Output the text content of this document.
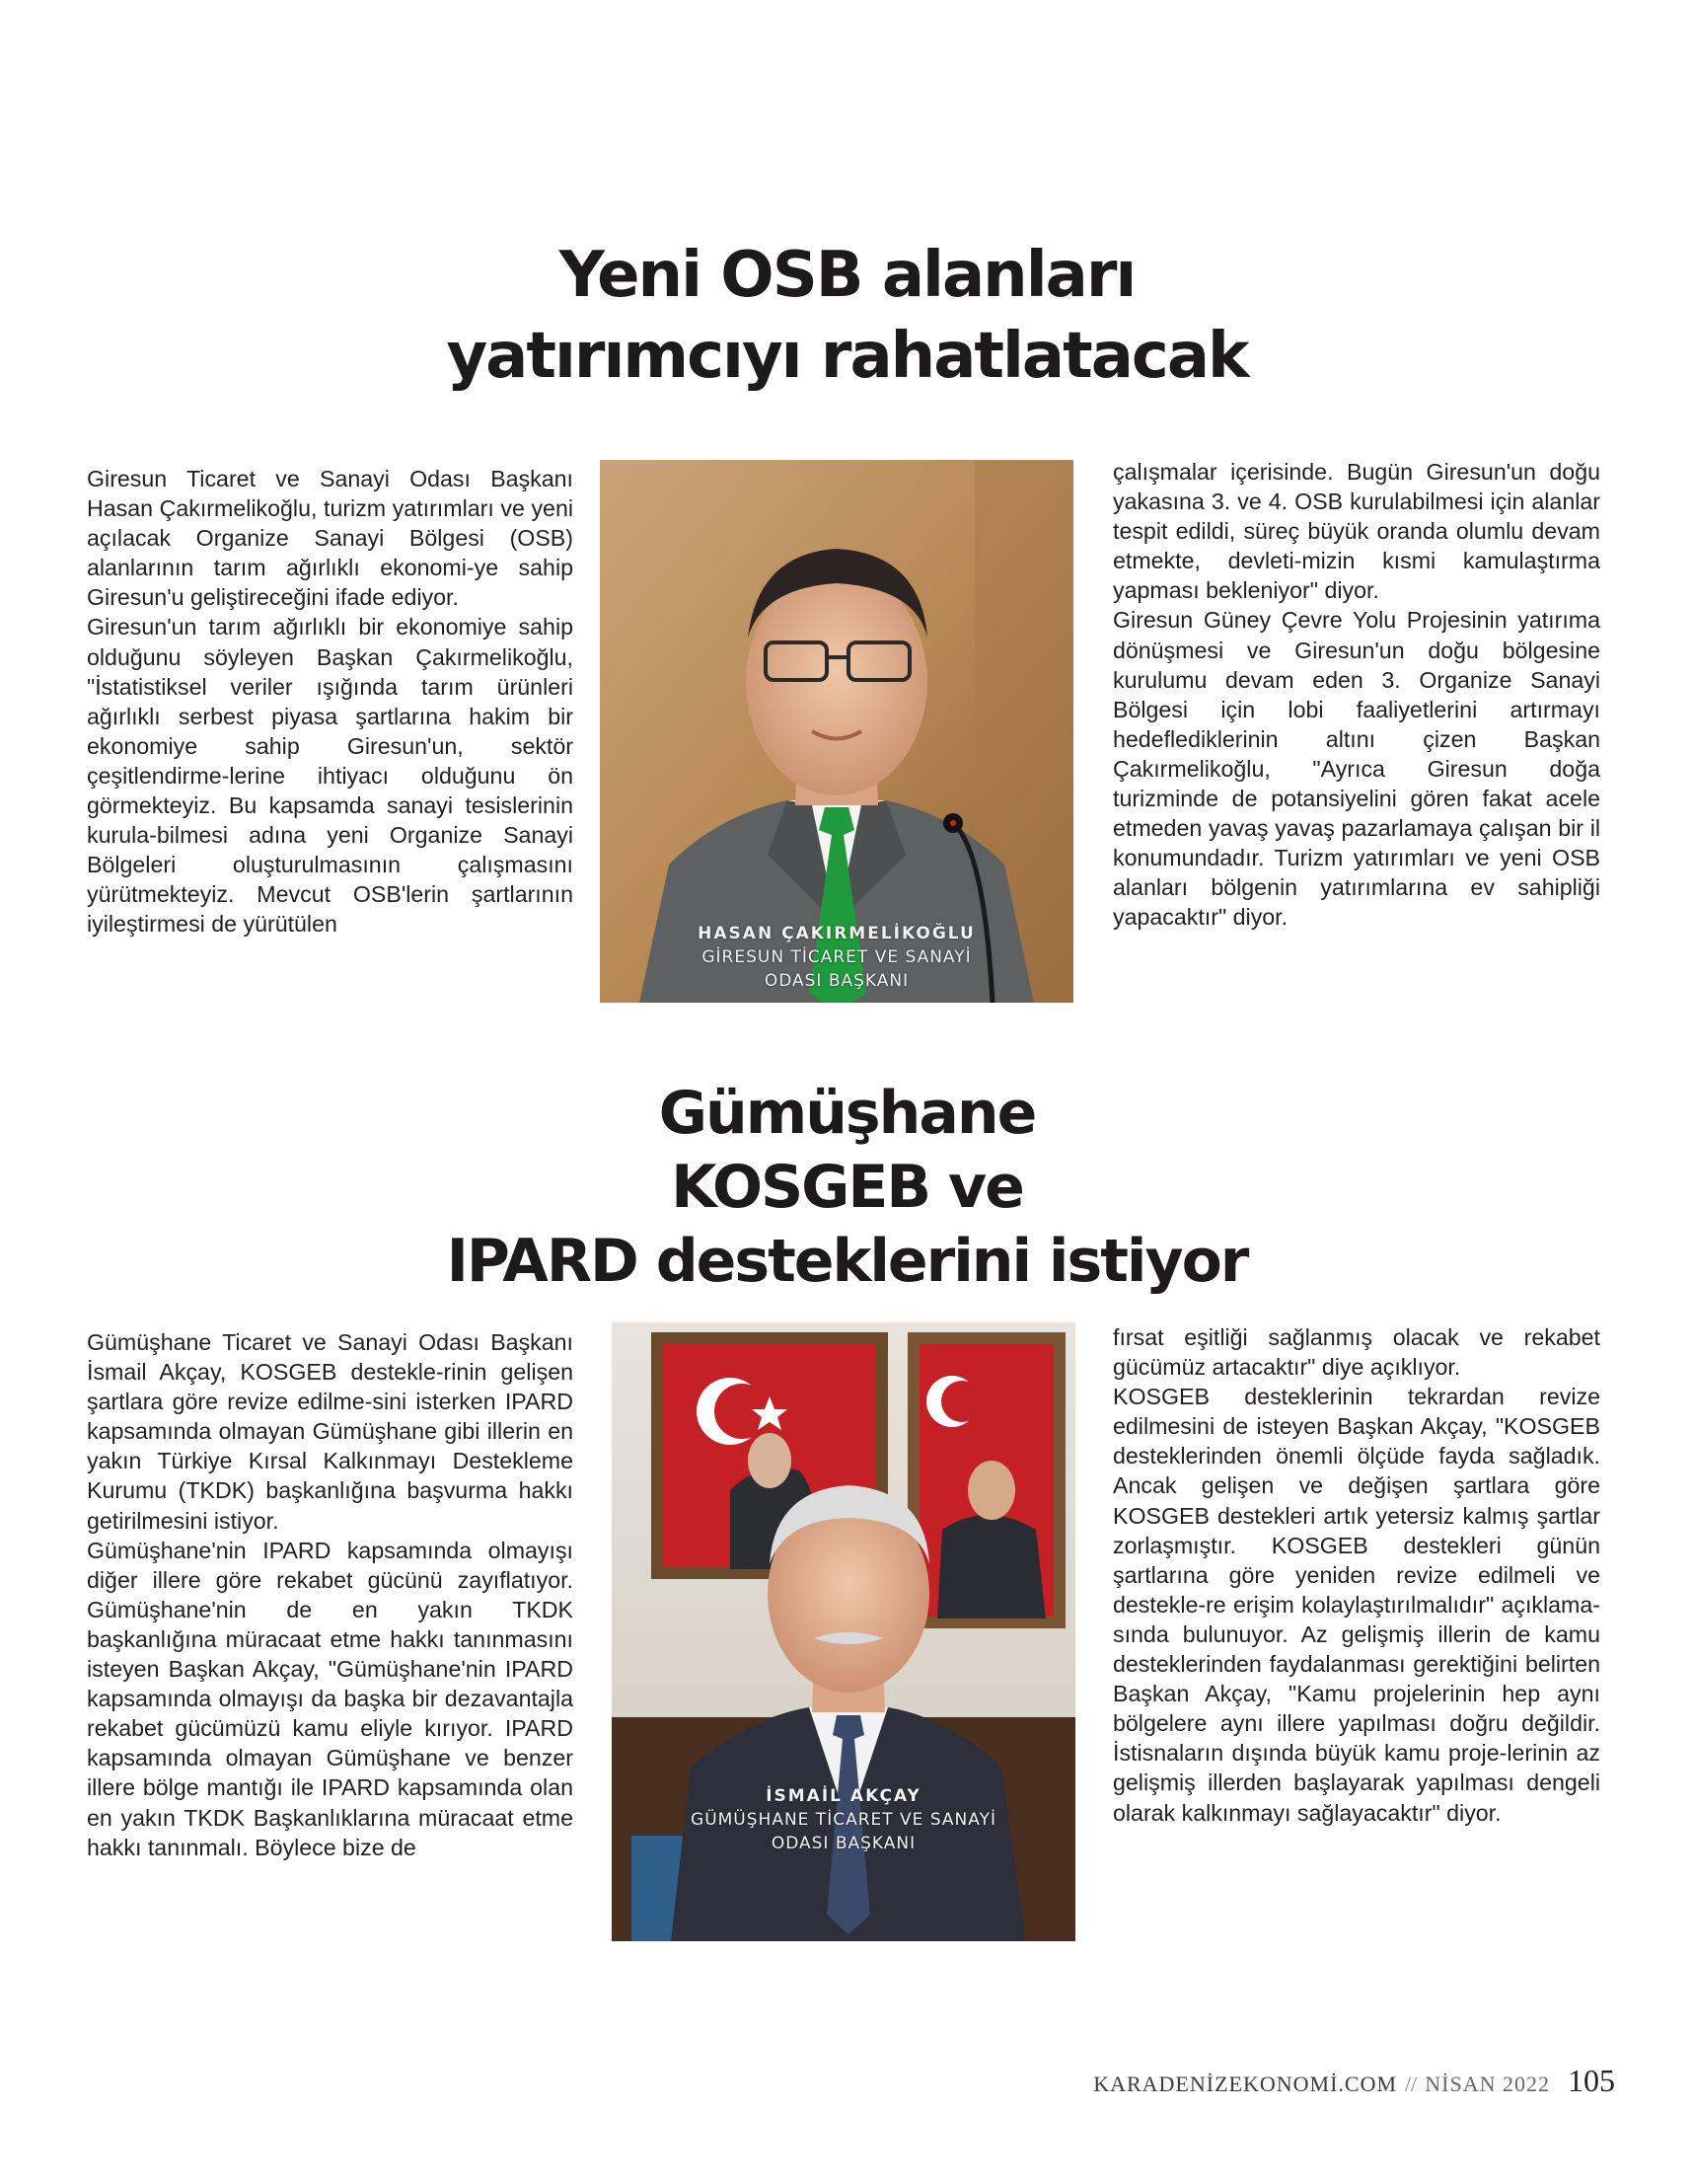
Yeni OSB alanları
yatırımcıyı rahatlatacak

Giresun Ticaret ve Sanayi Odası Başkanı Hasan Çakırmelikoğlu, turizm yatırımları ve yeni açılacak Organize Sanayi Bölgesi (OSB) alanlarının tarım ağırlıklı ekonomi-ye sahip Giresun'u geliştireceğini ifade ediyor.

Giresun'un tarım ağırlıklı bir ekonomiye sahip olduğunu söyleyen Başkan Çakırmelikoğlu, "İstatistiksel veriler ışığında tarım ürünleri ağırlıklı serbest piyasa şartlarına hakim bir ekonomiye sahip Giresun'un, sektör çeşitlendirme-lerine ihtiyacı olduğunu ön görmekteyiz. Bu kapsamda sanayi tesislerinin kurula-bilmesi adına yeni Organize Sanayi Bölgeleri oluşturulmasının çalışmasını yürütmekteyiz. Mevcut OSB'lerin şartlarının iyileştirmesi de yürütülen	HASAN ÇAKIRMELİKOĞLU
GİRESUN TİCARET VE SANAYİ
ODASI BAŞKANI

çalışmalar içerisinde. Bugün Giresun'un doğu yakasına 3. ve 4. OSB kurulabilmesi için alanlar tespit edildi, süreç büyük oranda olumlu devam etmekte, devleti-mizin kısmi kamulaştırma yapması bekleniyor" diyor.

Giresun Güney Çevre Yolu Projesinin yatırıma dönüşmesi ve Giresun'un doğu bölgesine kurulumu devam eden 3. Organize Sanayi Bölgesi için lobi faaliyetlerini artırmayı hedeflediklerinin altını çizen Başkan Çakırmelikoğlu, "Ayrıca Giresun doğa turizminde de potansiyelini gören fakat acele etmeden yavaş yavaş pazarlamaya çalışan bir il konumundadır. Turizm yatırımları ve yeni OSB alanları bölgenin yatırımlarına ev sahipliği yapacaktır" diyor.

Gümüşhane
KOSGEB ve
IPARD desteklerini istiyor

Gümüşhane Ticaret ve Sanayi Odası Başkanı İsmail Akçay, KOSGEB destekle-rinin gelişen şartlara göre revize edilme-sini isterken IPARD kapsamında olmayan Gümüşhane gibi illerin en yakın Türkiye Kırsal Kalkınmayı Destekleme Kurumu (TKDK) başkanlığına başvurma hakkı getirilmesini istiyor.

Gümüşhane'nin IPARD kapsamında olmayışı diğer illere göre rekabet gücünü zayıflatıyor. Gümüşhane'nin de en yakın TKDK başkanlığına müracaat etme hakkı tanınmasını isteyen Başkan Akçay, "Gümüşhane'nin IPARD kapsamında olmayışı da başka bir dezavantajla rekabet gücümüzü kamu eliyle kırıyor. IPARD kapsamında olmayan Gümüşhane ve benzer illere bölge mantığı ile IPARD kapsamında olan en yakın TKDK Başkanlıklarına müracaat etme hakkı tanınmalı. Böylece bize de

İSMAİL AKÇAY
GÜMÜŞHANE TİCARET VE SANAYİ
ODASI BAŞKANI

fırsat eşitliği sağlanmış olacak ve rekabet gücümüz artacaktır" diye açıklıyor.

KOSGEB desteklerinin tekrardan revize edilmesini de isteyen Başkan Akçay, "KOSGEB desteklerinden önemli ölçüde fayda sağladık. Ancak gelişen ve değişen şartlara göre KOSGEB destekleri artık yetersiz kalmış şartlar zorlaşmıştır. KOSGEB destekleri günün şartlarına göre yeniden revize edilmeli ve destekle-re erişim kolaylaştırılmalıdır" açıklama-sında bulunuyor. Az gelişmiş illerin de kamu desteklerinden faydalanması gerektiğini belirten Başkan Akçay, "Kamu projelerinin hep aynı bölgelere aynı illere yapılması doğru değildir. İstisnaların dışında büyük kamu proje-lerinin az gelişmiş illerden başlayarak yapılması dengeli olarak kalkınmayı sağlayacaktır" diyor.

KARADENİZEKONOMİ.COM // NİSAN 2022 105
